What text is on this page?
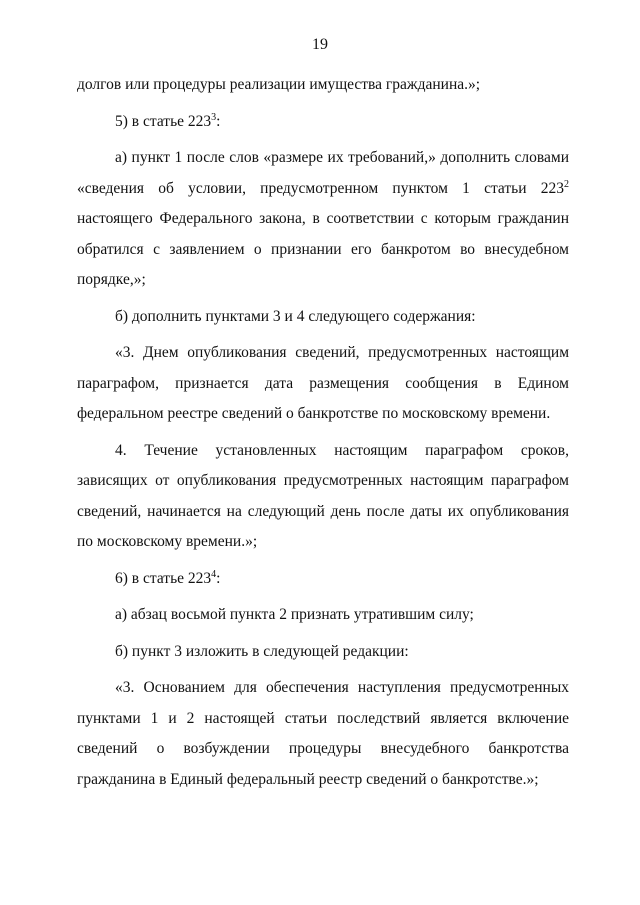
19

долгов или процедуры реализации имущества гражданина.»;

5) в статье $223^3$:

а) пункт 1 после слов «размере их требований,» дополнить словами «сведения об условии, предусмотренном пунктом 1 статьи $223^2$ настоящего Федерального закона, в соответствии с которым гражданин обратился с заявлением о признании его банкротом во внесудебном порядке,»;

б) дополнить пунктами 3 и 4 следующего содержания:

«3. Днем опубликования сведений, предусмотренных настоящим параграфом, признается дата размещения сообщения в Едином федеральном реестре сведений о банкротстве по московскому времени.

4. Течение установленных настоящим параграфом сроков, зависящих от опубликования предусмотренных настоящим параграфом сведений, начинается на следующий день после даты их опубликования по московскому времени.»;

6) в статье $223^4$:

а) абзац восьмой пункта 2 признать утратившим силу;

б) пункт 3 изложить в следующей редакции:

«3. Основанием для обеспечения наступления предусмотренных пунктами 1 и 2 настоящей статьи последствий является включение сведений о возбуждении процедуры внесудебного банкротства гражданина в Единый федеральный реестр сведений о банкротстве.»;
